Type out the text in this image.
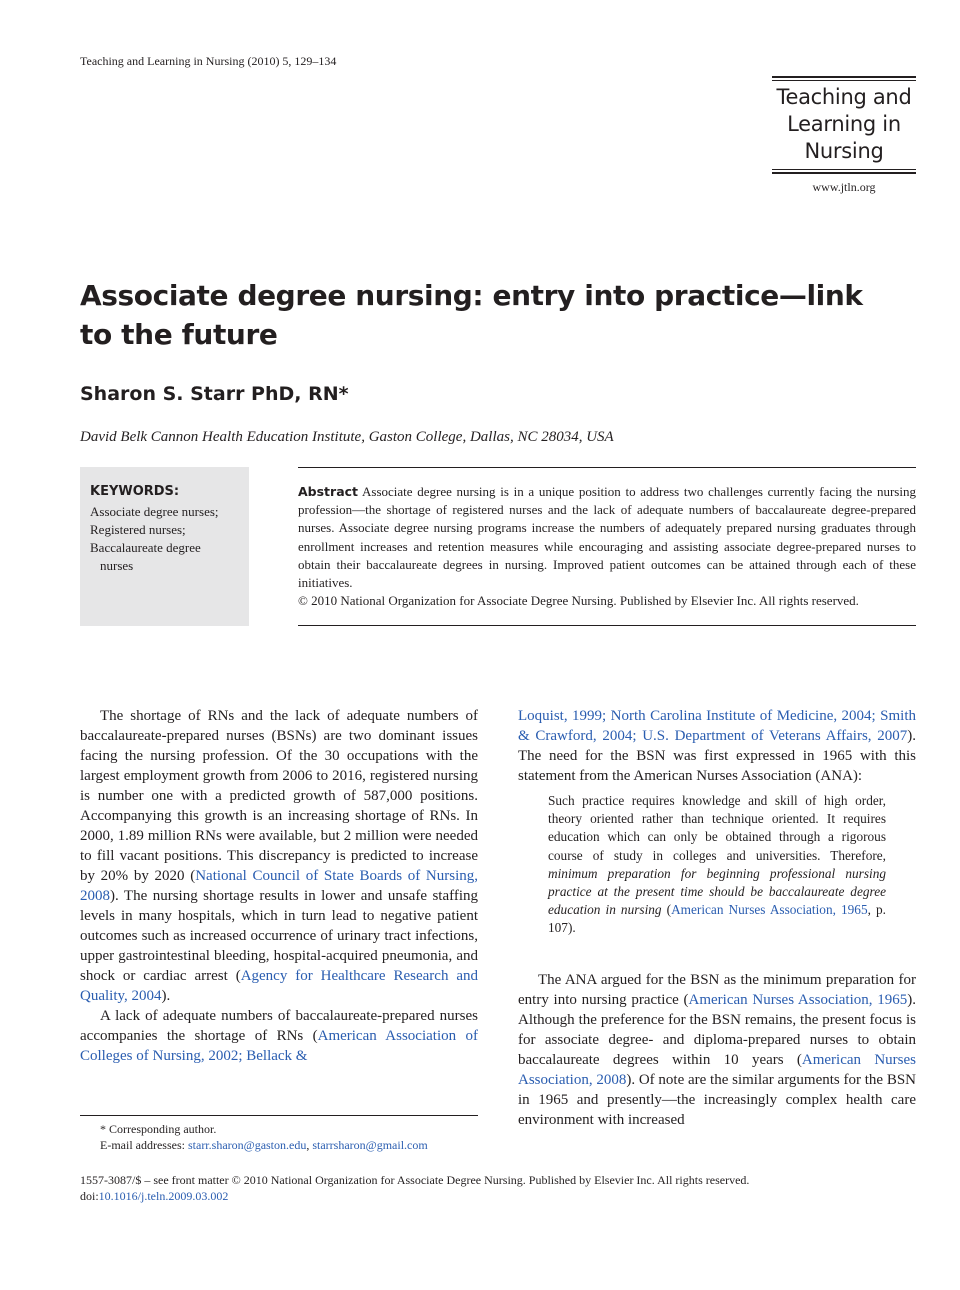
Teaching and Learning in Nursing (2010) 5, 129–134
Teaching and
Learning in
Nursing
www.jtln.org
Associate degree nursing: entry into practice—link to the future
Sharon S. Starr PhD, RN*
David Belk Cannon Health Education Institute, Gaston College, Dallas, NC 28034, USA
KEYWORDS:
Associate degree nurses;
Registered nurses;
Baccalaureate degree
nurses
Abstract Associate degree nursing is in a unique position to address two challenges currently facing the nursing profession—the shortage of registered nurses and the lack of adequate numbers of baccalaureate degree-prepared nurses. Associate degree nursing programs increase the numbers of adequately prepared nursing graduates through enrollment increases and retention measures while encouraging and assisting associate degree-prepared nurses to obtain their baccalaureate degrees in nursing. Improved patient outcomes can be attained through each of these initiatives.
© 2010 National Organization for Associate Degree Nursing. Published by Elsevier Inc. All rights reserved.

The shortage of RNs and the lack of adequate numbers of baccalaureate-prepared nurses (BSNs) are two dominant issues facing the nursing profession. Of the 30 occupations with the largest employment growth from 2006 to 2016, registered nursing is number one with a predicted growth of 587,000 positions. Accompanying this growth is an increasing shortage of RNs. In 2000, 1.89 million RNs were available, but 2 million were needed to fill vacant positions. This discrepancy is predicted to increase by 20% by 2020 (National Council of State Boards of Nursing, 2008). The nursing shortage results in lower and unsafe staffing levels in many hospitals, which in turn lead to negative patient outcomes such as increased occurrence of urinary tract infections, upper gastrointestinal bleeding, hospital-acquired pneumonia, and shock or cardiac arrest (Agency for Healthcare Research and Quality, 2004).

A lack of adequate numbers of baccalaureate-prepared nurses accompanies the shortage of RNs (American Association of Colleges of Nursing, 2002; Bellack &

Loquist, 1999; North Carolina Institute of Medicine, 2004; Smith & Crawford, 2004; U.S. Department of Veterans Affairs, 2007). The need for the BSN was first expressed in 1965 with this statement from the American Nurses Association (ANA):

Such practice requires knowledge and skill of high order, theory oriented rather than technique oriented. It requires education which can only be obtained through a rigorous course of study in colleges and universities. Therefore, minimum preparation for beginning professional nursing practice at the present time should be baccalaureate degree education in nursing (American Nurses Association, 1965, p. 107).

The ANA argued for the BSN as the minimum preparation for entry into nursing practice (American Nurses Association, 1965). Although the preference for the BSN remains, the present focus is for associate degree- and diploma-prepared nurses to obtain baccalaureate degrees within 10 years (American Nurses Association, 2008). Of note are the similar arguments for the BSN in 1965 and presently—the increasingly complex health care environment with increased

* Corresponding author.
E-mail addresses: starr.sharon@gaston.edu, starrsharon@gmail.com
1557-3087/$ – see front matter © 2010 National Organization for Associate Degree Nursing. Published by Elsevier Inc. All rights reserved.
doi:10.1016/j.teln.2009.03.002
